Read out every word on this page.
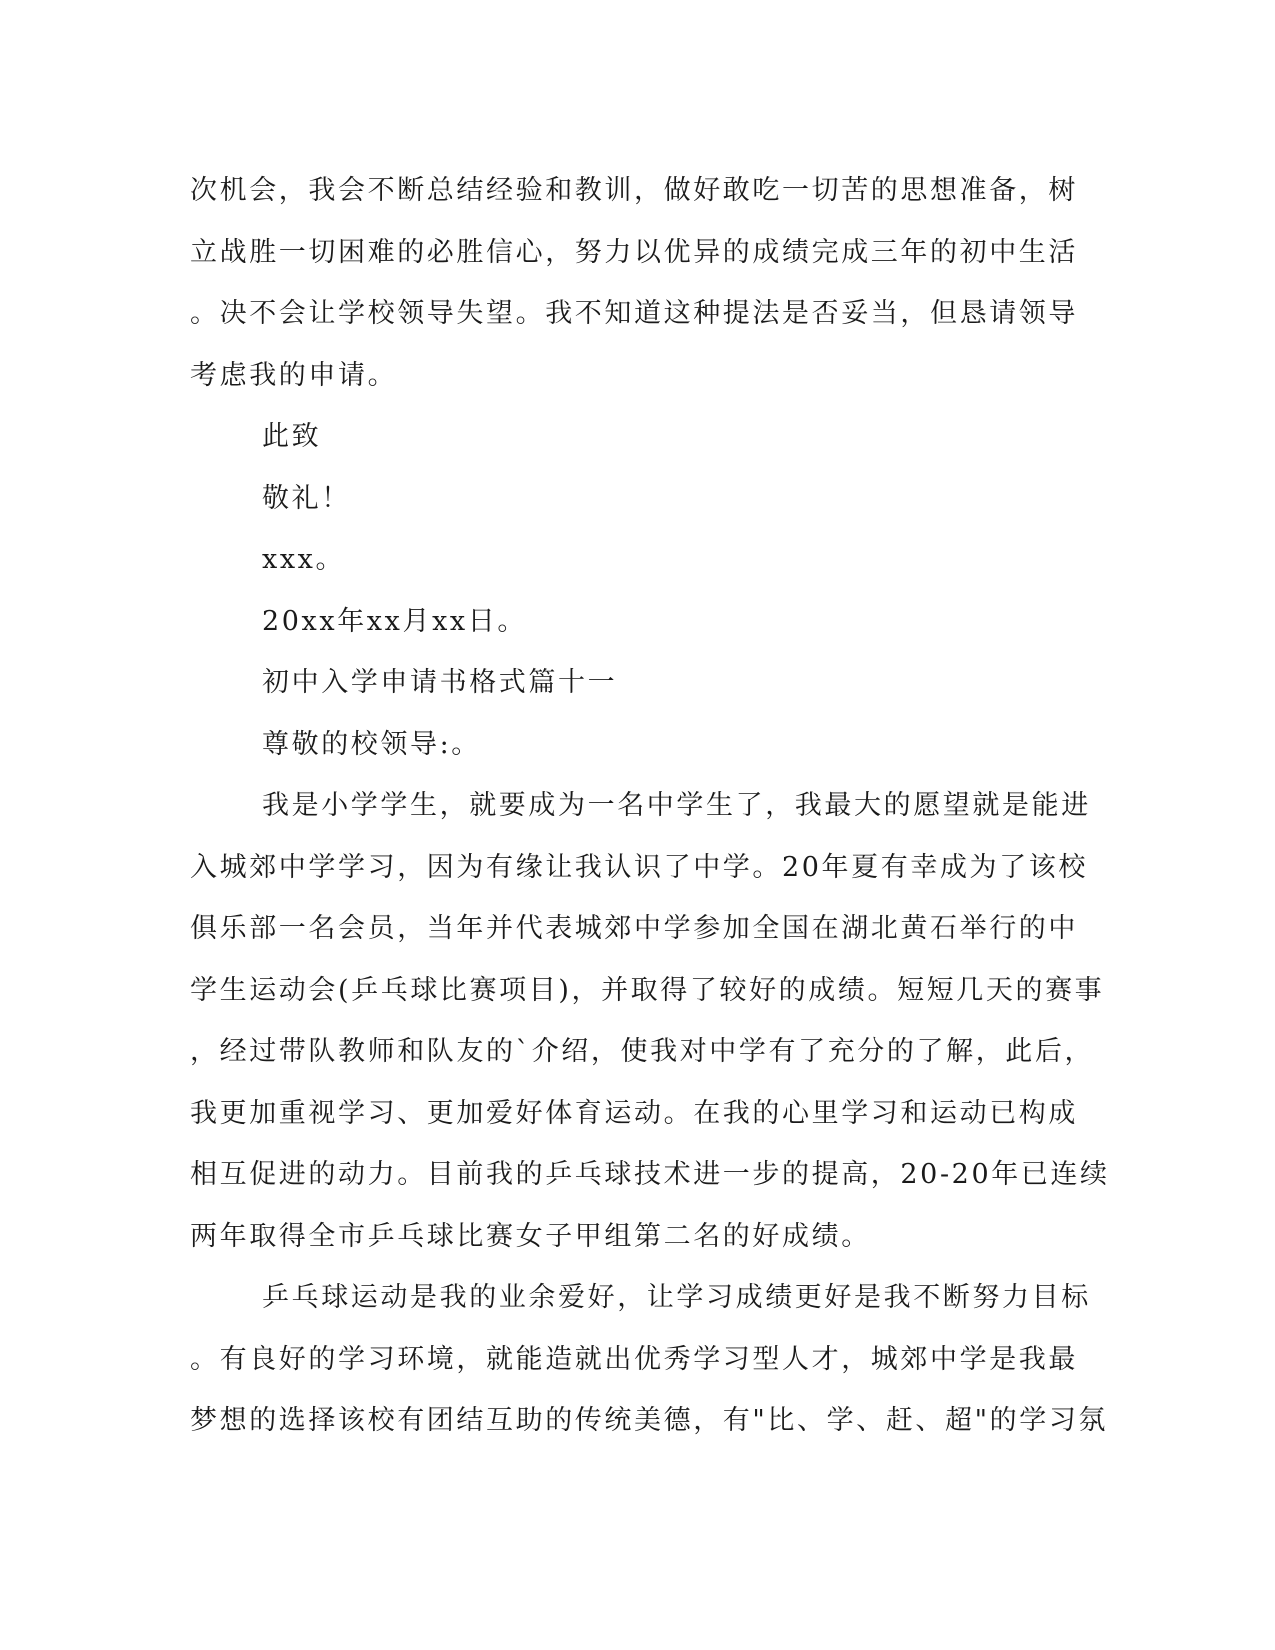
次机会，我会不断总结经验和教训，做好敢吃一切苦的思想准备，树
立战胜一切困难的必胜信心，努力以优异的成绩完成三年的初中生活
。决不会让学校领导失望。我不知道这种提法是否妥当，但恳请领导
考虑我的申请。
此致
敬礼！
xxx。
20xx年xx月xx日。
初中入学申请书格式篇十一
尊敬的校领导:。
我是小学学生，就要成为一名中学生了，我最大的愿望就是能进
入城郊中学学习，因为有缘让我认识了中学。20年夏有幸成为了该校
俱乐部一名会员，当年并代表城郊中学参加全国在湖北黄石举行的中
学生运动会(乒乓球比赛项目)，并取得了较好的成绩。短短几天的赛事
，经过带队教师和队友的`介绍，使我对中学有了充分的了解，此后，
我更加重视学习、更加爱好体育运动。在我的心里学习和运动已构成
相互促进的动力。目前我的乒乓球技术进一步的提高，20-20年已连续
两年取得全市乒乓球比赛女子甲组第二名的好成绩。
乒乓球运动是我的业余爱好，让学习成绩更好是我不断努力目标
。有良好的学习环境，就能造就出优秀学习型人才，城郊中学是我最
梦想的选择该校有团结互助的传统美德，有"比、学、赶、超"的学习氛
